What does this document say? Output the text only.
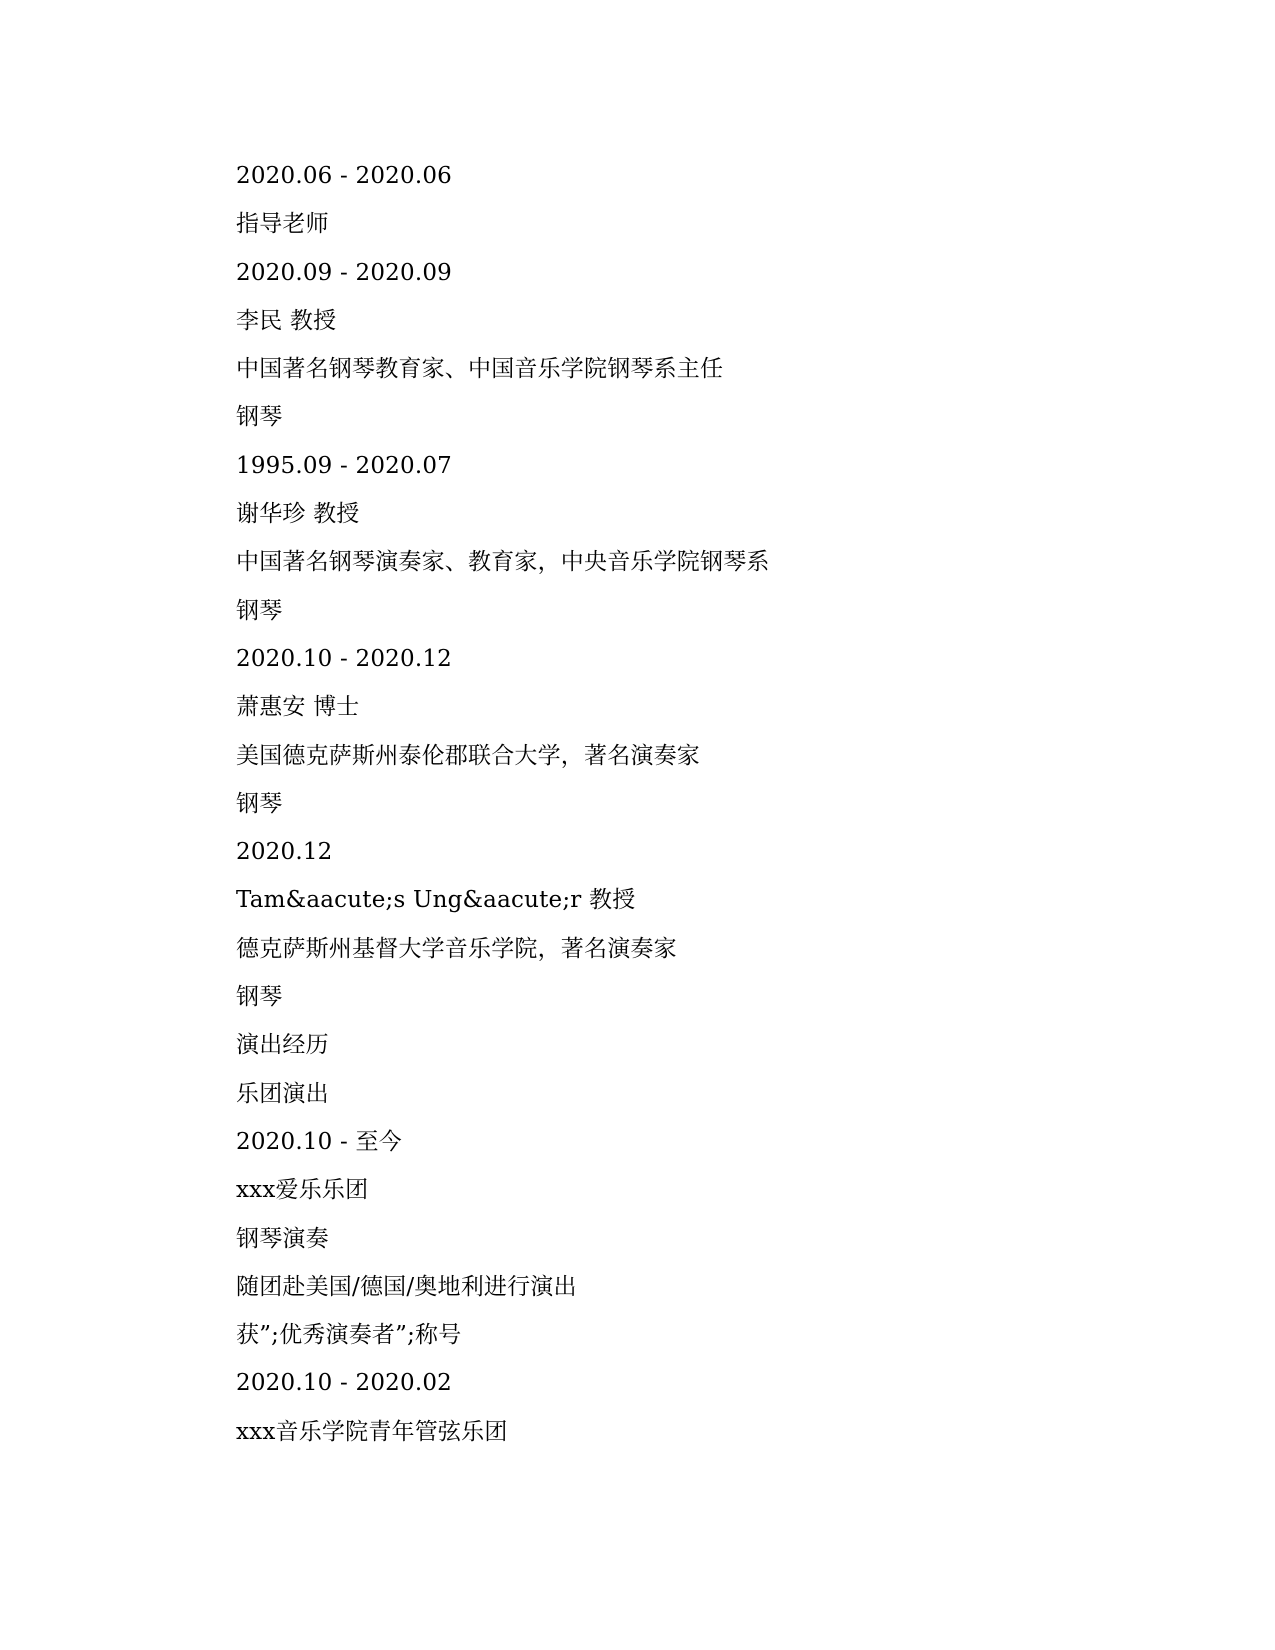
2020.06 - 2020.06
指导老师
2020.09 - 2020.09
李民 教授
中国著名钢琴教育家、中国音乐学院钢琴系主任
钢琴
1995.09 - 2020.07
谢华珍 教授
中国著名钢琴演奏家、教育家，中央音乐学院钢琴系
钢琴
2020.10 - 2020.12
萧惠安 博士
美国德克萨斯州泰伦郡联合大学，著名演奏家
钢琴
2020.12
Tam&aacute;s Ung&aacute;r 教授
德克萨斯州基督大学音乐学院，著名演奏家
钢琴
演出经历
乐团演出
2020.10 - 至今
xxx爱乐乐团
钢琴演奏
随团赴美国/德国/奥地利进行演出
获”;优秀演奏者”;称号
2020.10 - 2020.02
xxx音乐学院青年管弦乐团
